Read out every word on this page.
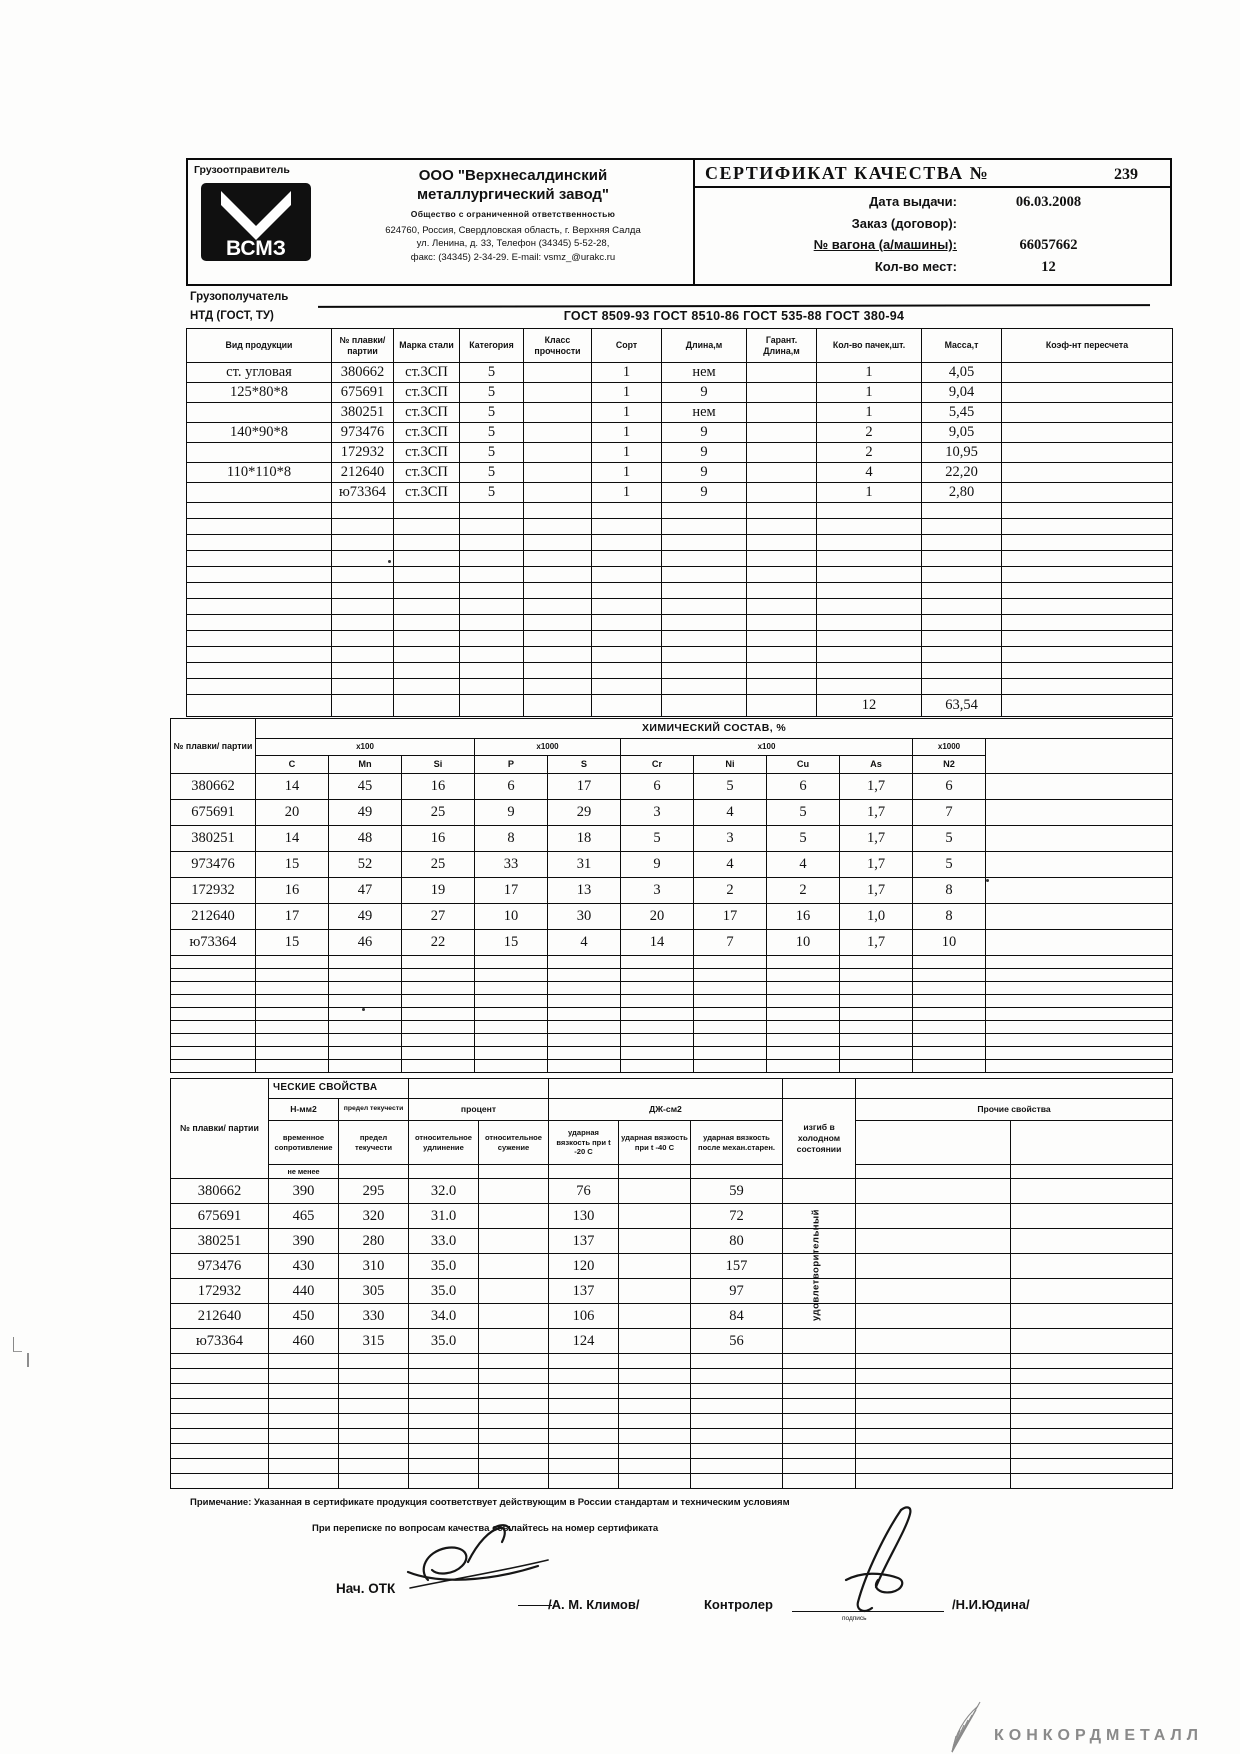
Грузоотправитель
ВСМЗ
ООО "Верхнесалдинский
металлургический завод"
Общество с ограниченной ответственностью
624760, Россия, Свердловская область, г. Верхняя Салда
ул. Ленина, д. 33, Телефон (34345) 5-52-28,
факс: (34345) 2-34-29. E-mail: vsmz_@urakc.ru
СЕРТИФИКАТ КАЧЕСТВА №	239
Дата выдачи:	06.03.2008
Заказ (договор):
№ вагона (а/машины):	66057662
Кол-во мест:	12
Грузополучатель
НТД (ГОСТ, ТУ)	ГОСТ 8509-93 ГОСТ 8510-86 ГОСТ 535-88 ГОСТ 380-94
Вид продукции	№ плавки/ партии	Марка стали	Категория	Класс прочности	Сорт	Длина,м	Гарант. Длина,м	Кол-во пачек,шт.	Масса,т	Коэф-нт пересчета
ст. угловая	380662	ст.3СП	5		1	нем		1	4,05	
125*80*8	675691	ст.3СП	5		1	9		1	9,04	
	380251	ст.3СП	5		1	нем		1	5,45	
140*90*8	973476	ст.3СП	5		1	9		2	9,05	
	172932	ст.3СП	5		1	9		2	10,95	
110*110*8	212640	ст.3СП	5		1	9		4	22,20	
	ю73364	ст.3СП	5		1	9		1	2,80	

								12	63,54	
№ плавки/ партии	ХИМИЧЕСКИЙ СОСТАВ, %										
	х100			х1000		х100				х1000	
	C	Mn	Si	P	S	Cr	Ni	Cu	As	N2	
380662	14	45	16	6	17	6	5	6	1,7	6	
675691	20	49	25	9	29	3	4	5	1,7	7	
380251	14	48	16	8	18	5	3	5	1,7	5	
973476	15	52	25	33	31	9	4	4	1,7	5	
172932	16	47	19	17	13	3	2	2	1,7	8	
212640	17	49	27	10	30	20	17	16	1,0	8	
ю73364	15	46	22	15	4	14	7	10	1,7	10	

№ плавки/ партии	ЧЕСКИЕ СВОЙСТВА									
	Н-мм2	предел текучести	процент		ДЖ-см2			изгиб в холодном состоянии	Прочие свойства	
	временное сопротивление	предел текучести	относительное удлинение	относительное сужение	ударная вязкость при t -20 С	ударная вязкость при t -40 С	ударная вязкость после механ.старен.			
	не менее									
380662	390	295	32.0		76		59			
675691	465	320	31.0		130		72			
380251	390	280	33.0		137		80			
973476	430	310	35.0		120		157			
172932	440	305	35.0		137		97			
212640	450	330	34.0		106		84			
ю73364	460	315	35.0		124		56			

удовлетворительный
Примечание: Указанная в сертификате продукция соответствует действующим в России стандартам и техническим условиям
При переписке по вопросам качества ссылайтесь на номер сертификата
Нач. ОТК
/А. М. Климов/	Контролер
подпись
/Н.И.Юдина/
КОНКОРДМЕТАЛЛ
